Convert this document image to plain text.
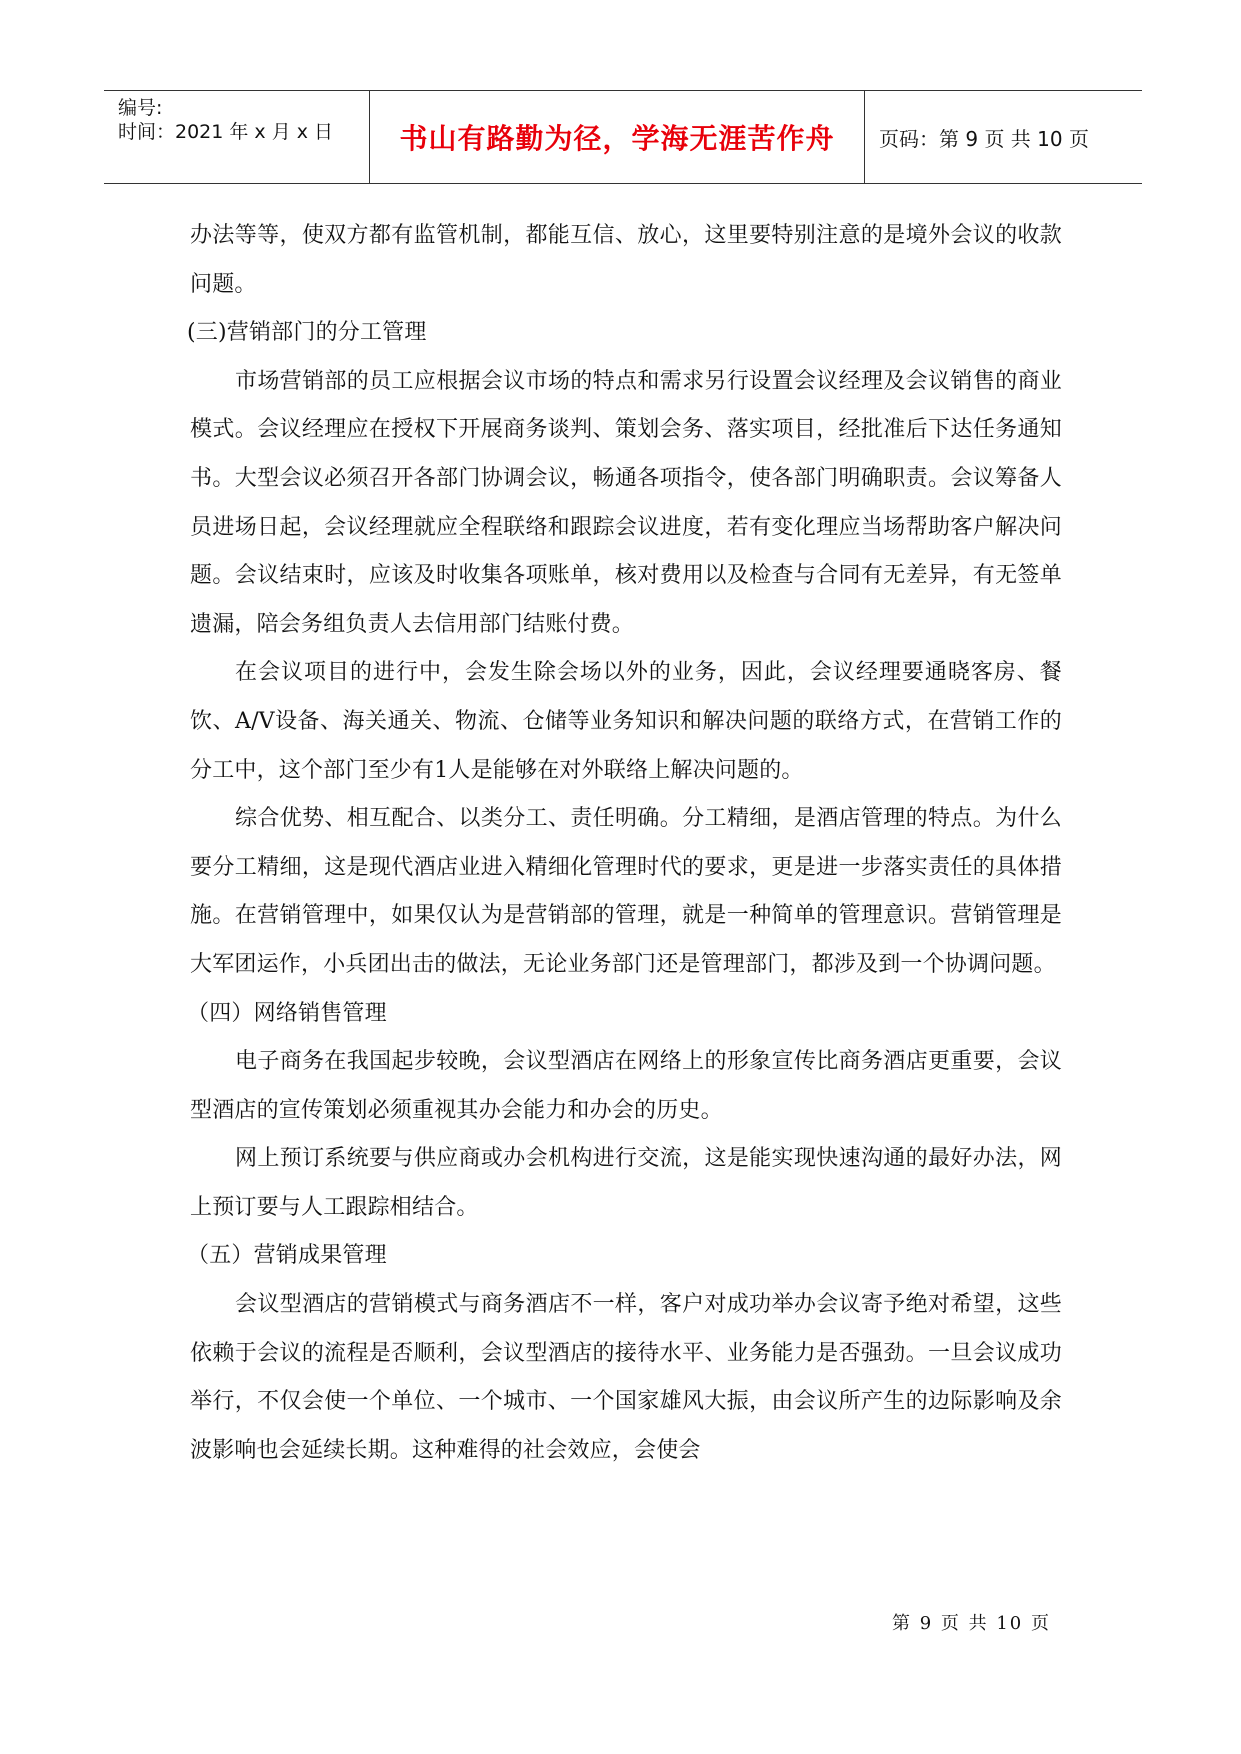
编号:
时间：2021 年 x 月 x 日 书山有路勤为径，学海无涯苦作舟	页码：第 9 页 共 10 页

办法等等，使双方都有监管机制，都能互信、放心，这里要特别注意的是境外会议的收款问题。

(三)营销部门的分工管理

市场营销部的员工应根据会议市场的特点和需求另行设置会议经理及会议销售的商业模式。会议经理应在授权下开展商务谈判、策划会务、落实项目，经批准后下达任务通知书。大型会议必须召开各部门协调会议，畅通各项指令，使各部门明确职责。会议筹备人员进场日起，会议经理就应全程联络和跟踪会议进度，若有变化理应当场帮助客户解决问题。会议结束时，应该及时收集各项账单，核对费用以及检查与合同有无差异，有无签单遗漏，陪会务组负责人去信用部门结账付费。

在会议项目的进行中，会发生除会场以外的业务，因此，会议经理要通晓客房、餐饮、A/V设备、海关通关、物流、仓储等业务知识和解决问题的联络方式，在营销工作的分工中，这个部门至少有1人是能够在对外联络上解决问题的。

综合优势、相互配合、以类分工、责任明确。分工精细，是酒店管理的特点。为什么要分工精细，这是现代酒店业进入精细化管理时代的要求，更是进一步落实责任的具体措施。在营销管理中，如果仅认为是营销部的管理，就是一种简单的管理意识。营销管理是大军团运作，小兵团出击的做法，无论业务部门还是管理部门，都涉及到一个协调问题。

（四）网络销售管理

电子商务在我国起步较晚，会议型酒店在网络上的形象宣传比商务酒店更重要，会议型酒店的宣传策划必须重视其办会能力和办会的历史。

网上预订系统要与供应商或办会机构进行交流，这是能实现快速沟通的最好办法，网上预订要与人工跟踪相结合。

（五）营销成果管理

会议型酒店的营销模式与商务酒店不一样，客户对成功举办会议寄予绝对希望，这些依赖于会议的流程是否顺利，会议型酒店的接待水平、业务能力是否强劲。一旦会议成功举行，不仅会使一个单位、一个城市、一个国家雄风大振，由会议所产生的边际影响及余波影响也会延续长期。这种难得的社会效应，会使会

第 9 页 共 10 页
